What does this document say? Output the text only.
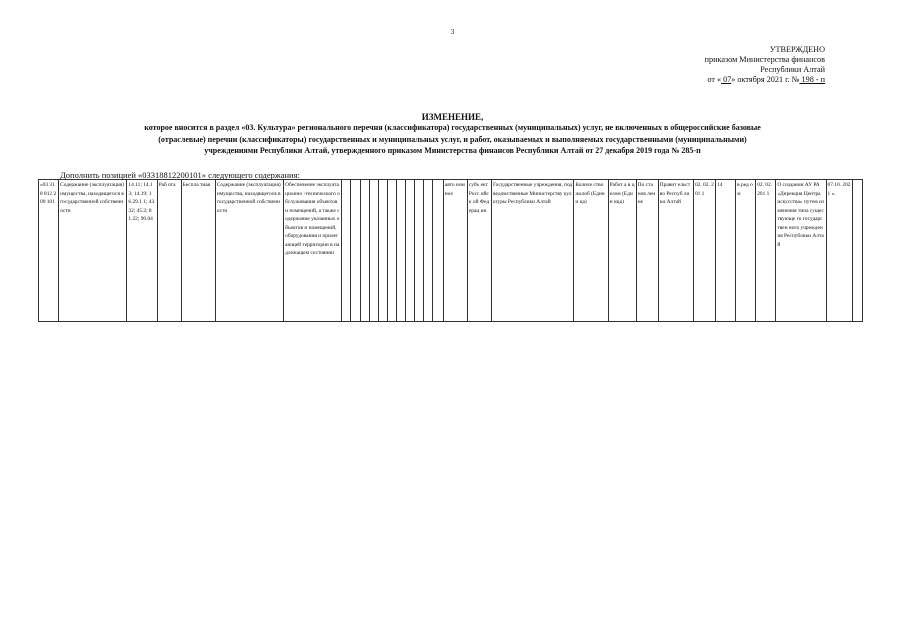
3
УТВЕРЖДЕНО
приказом Министерства финансов
Республики Алтай
от « 07» октября 2021 г. № 198 - п
ИЗМЕНЕНИЕ,
которое вносится в раздел «03. Культура» регионального перечня (классификатора) государственных (муниципальных) услуг, не включенных в общероссийские базовые
(отраслевые) перечни (классификаторы) государственных и муниципальных услуг, и работ, оказываемых и выполняемых государственными (муниципальными)
учреждениями Республики Алтай, утвержденного приказом Министерства финансов Республики Алтай от 27 декабря 2019 года № 285-п
Дополнить позицией «03318812200101» следующего содержания:
«03 318 812 200 101	Содержание (эксплуатация) имущества, находящегося в государственной собственности	14.11; 14.13; 14.19; 16.29.1 1; 43.32; 45.2; 81.22; 90.04	Раб ота	Беспла тная	Содержание (эксплуатация) имущества, находящегося в государственной собственности	Обеспечение эксплуатационно -технического обслуживания объектов и помещений, а также содержание указанных объектов и помещений, оборудования и прилегающей территории в надлежащем состоянии												авто ном ное	субъ ект Росс ийск ой Фед ерац ии	Государственные учреждения, подведомственные Министерству культуры Республики Алтай	Количе ство жалоб (Едини ца)	Работ а в целом (Един ица)	По ста нов лен ие	Правит ельство Респуб лики Алтай	02. 02. 201 1	14	в ред ом	02. 02. 201 1	О создании АУ РА «Дирекция Центра искусства» путем изменения типа существующе го государствен ного учреждения Республики Алтай	07.10. 2021 ».	
